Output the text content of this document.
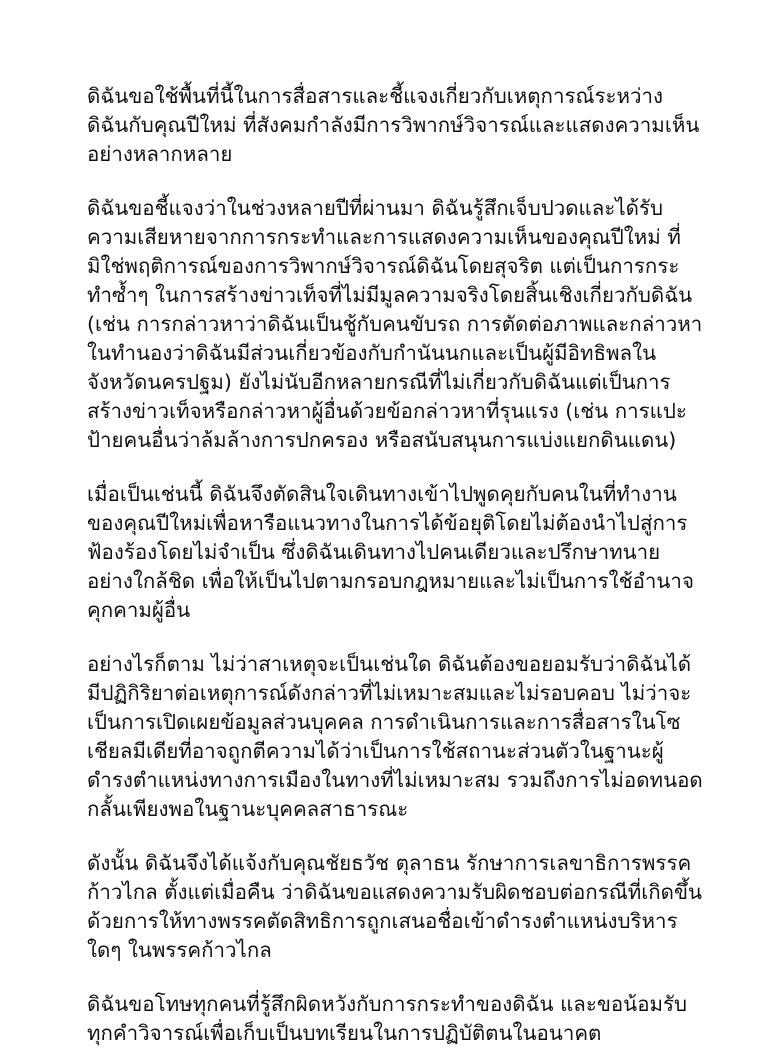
ดิฉันขอใช้พื้นที่นี้ในการสื่อสารและชี้แจงเกี่ยวกับเหตุการณ์ระหว่างดิฉันกับคุณปีใหม่ ที่สังคมกำลังมีการวิพากษ์วิจารณ์และแสดงความเห็นอย่างหลากหลาย

ดิฉันขอชี้แจงว่าในช่วงหลายปีที่ผ่านมา ดิฉันรู้สึกเจ็บปวดและได้รับความเสียหายจากการกระทำและการแสดงความเห็นของคุณปีใหม่ ที่มิใช่พฤติการณ์ของการวิพากษ์วิจารณ์ดิฉันโดยสุจริต แต่เป็นการกระทำซ้ำๆ ในการสร้างข่าวเท็จที่ไม่มีมูลความจริงโดยสิ้นเชิงเกี่ยวกับดิฉัน (เช่น การกล่าวหาว่าดิฉันเป็นชู้กับคนขับรถ การตัดต่อภาพและกล่าวหาในทำนองว่าดิฉันมีส่วนเกี่ยวข้องกับกำนันนกและเป็นผู้มีอิทธิพลในจังหวัดนครปฐม) ยังไม่นับอีกหลายกรณีที่ไม่เกี่ยวกับดิฉันแต่เป็นการสร้างข่าวเท็จหรือกล่าวหาผู้อื่นด้วยข้อกล่าวหาที่รุนแรง (เช่น การแปะป้ายคนอื่นว่าล้มล้างการปกครอง หรือสนับสนุนการแบ่งแยกดินแดน)

เมื่อเป็นเช่นนี้ ดิฉันจึงตัดสินใจเดินทางเข้าไปพูดคุยกับคนในที่ทำงานของคุณปีใหม่เพื่อหารือแนวทางในการได้ข้อยุติโดยไม่ต้องนำไปสู่การฟ้องร้องโดยไม่จำเป็น ซึ่งดิฉันเดินทางไปคนเดียวและปรึกษาทนายอย่างใกล้ชิด เพื่อให้เป็นไปตามกรอบกฎหมายและไม่เป็นการใช้อำนาจคุกคามผู้อื่น

อย่างไรก็ตาม ไม่ว่าสาเหตุจะเป็นเช่นใด ดิฉันต้องขอยอมรับว่าดิฉันได้มีปฏิกิริยาต่อเหตุการณ์ดังกล่าวที่ไม่เหมาะสมและไม่รอบคอบ ไม่ว่าจะเป็นการเปิดเผยข้อมูลส่วนบุคคล การดำเนินการและการสื่อสารในโซเชียลมีเดียที่อาจถูกตีความได้ว่าเป็นการใช้สถานะส่วนตัวในฐานะผู้ดำรงตำแหน่งทางการเมืองในทางที่ไม่เหมาะสม รวมถึงการไม่อดทนอดกลั้นเพียงพอในฐานะบุคคลสาธารณะ

ดังนั้น ดิฉันจึงได้แจ้งกับคุณชัยธวัช ตุลาธน รักษาการเลขาธิการพรรคก้าวไกล ตั้งแต่เมื่อคืน ว่าดิฉันขอแสดงความรับผิดชอบต่อกรณีที่เกิดขึ้นด้วยการให้ทางพรรคตัดสิทธิการถูกเสนอชื่อเข้าดำรงตำแหน่งบริหารใดๆ ในพรรคก้าวไกล

ดิฉันขอโทษทุกคนที่รู้สึกผิดหวังกับการกระทำของดิฉัน และขอน้อมรับทุกคำวิจารณ์เพื่อเก็บเป็นบทเรียนในการปฏิบัติตนในอนาคต
